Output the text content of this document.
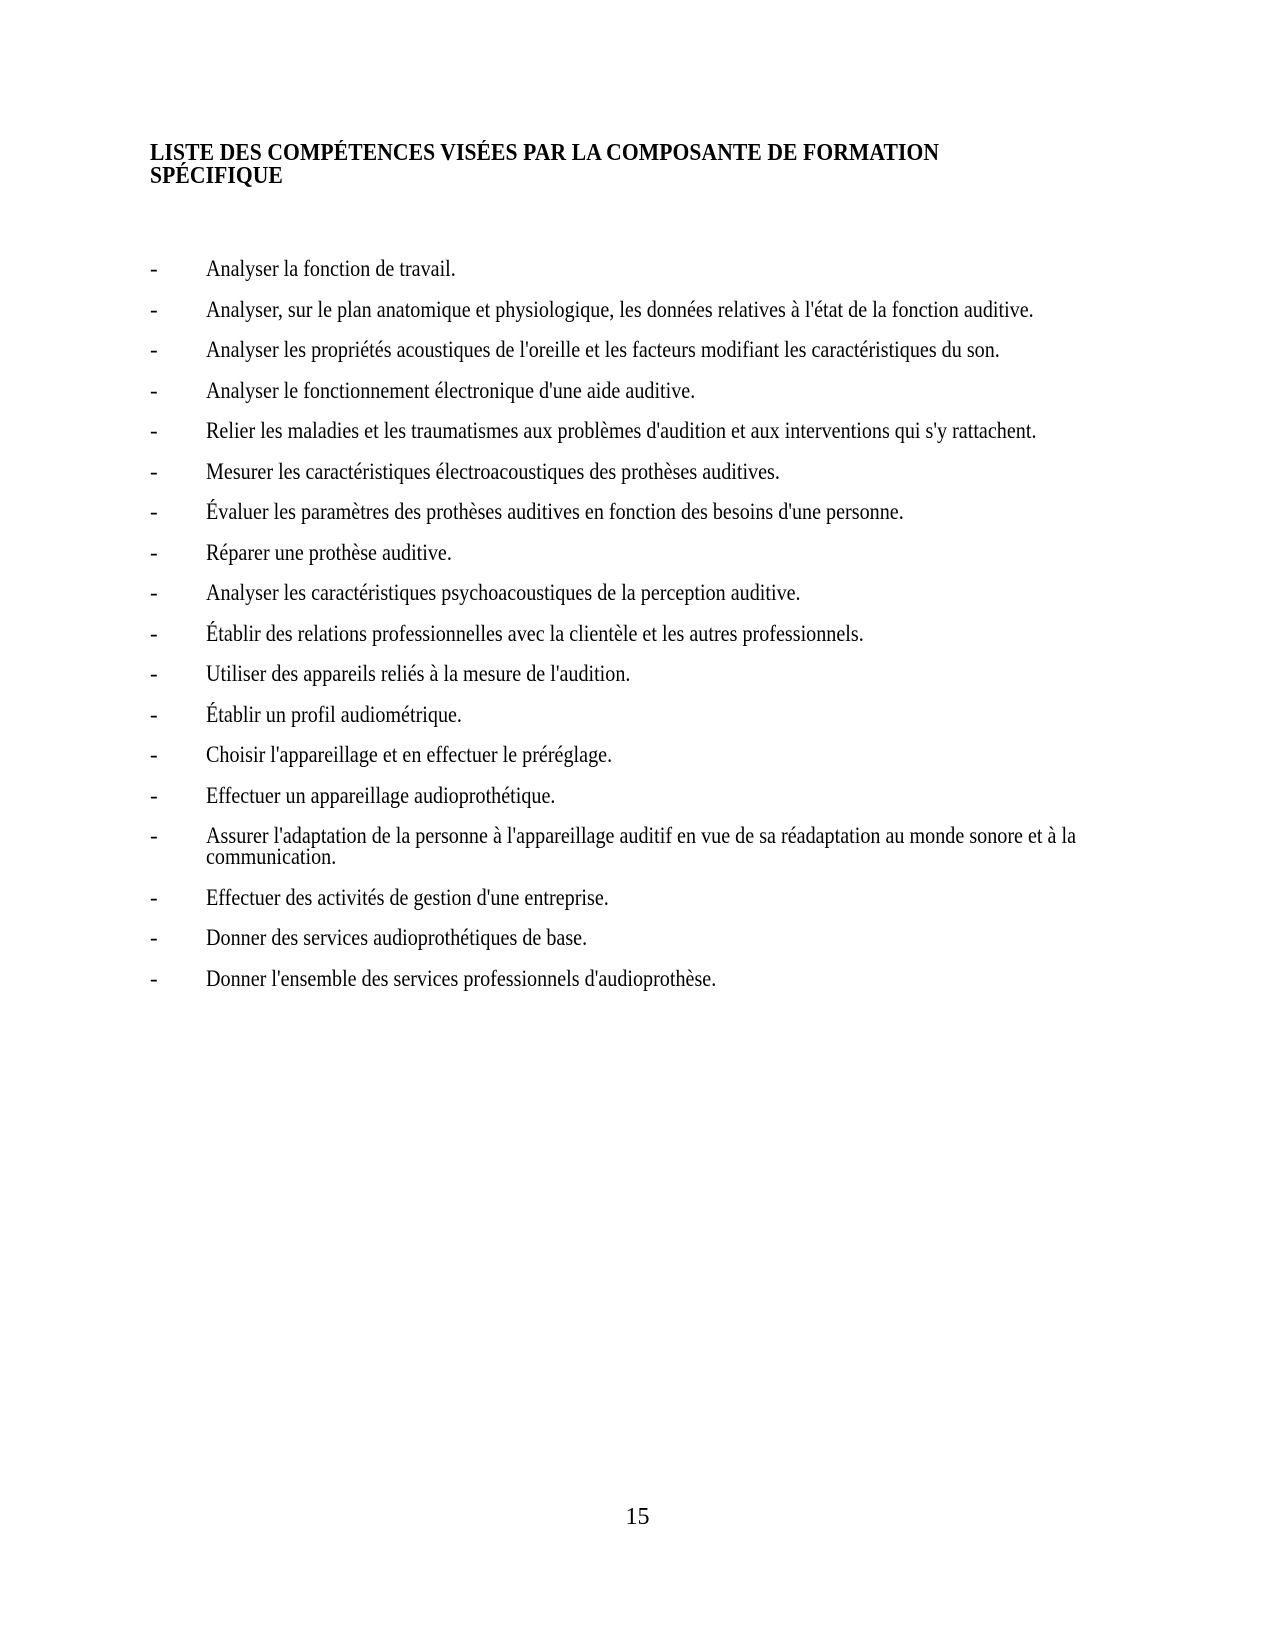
LISTE DES COMPÉTENCES VISÉES PAR LA COMPOSANTE DE FORMATION SPÉCIFIQUE
-	Analyser la fonction de travail.
-	Analyser, sur le plan anatomique et physiologique, les données relatives à l'état de la fonction auditive.
-	Analyser les propriétés acoustiques de l'oreille et les facteurs modifiant les caractéristiques du son.
-	Analyser le fonctionnement électronique d'une aide auditive.
-	Relier les maladies et les traumatismes aux problèmes d'audition et aux interventions qui s'y rattachent.
-	Mesurer les caractéristiques électroacoustiques des prothèses auditives.
-	Évaluer les paramètres des prothèses auditives en fonction des besoins d'une personne.
-	Réparer une prothèse auditive.
-	Analyser les caractéristiques psychoacoustiques de la perception auditive.
-	Établir des relations professionnelles avec la clientèle et les autres professionnels.
-	Utiliser des appareils reliés à la mesure de l'audition.
-	Établir un profil audiométrique.
-	Choisir l'appareillage et en effectuer le préréglage.
-	Effectuer un appareillage audioprothétique.
-	Assurer l'adaptation de la personne à l'appareillage auditif en vue de sa réadaptation au monde sonore et à la communication.
-	Effectuer des activités de gestion d'une entreprise.
-	Donner des services audioprothétiques de base.
-	Donner l'ensemble des services professionnels d'audioprothèse.
15
